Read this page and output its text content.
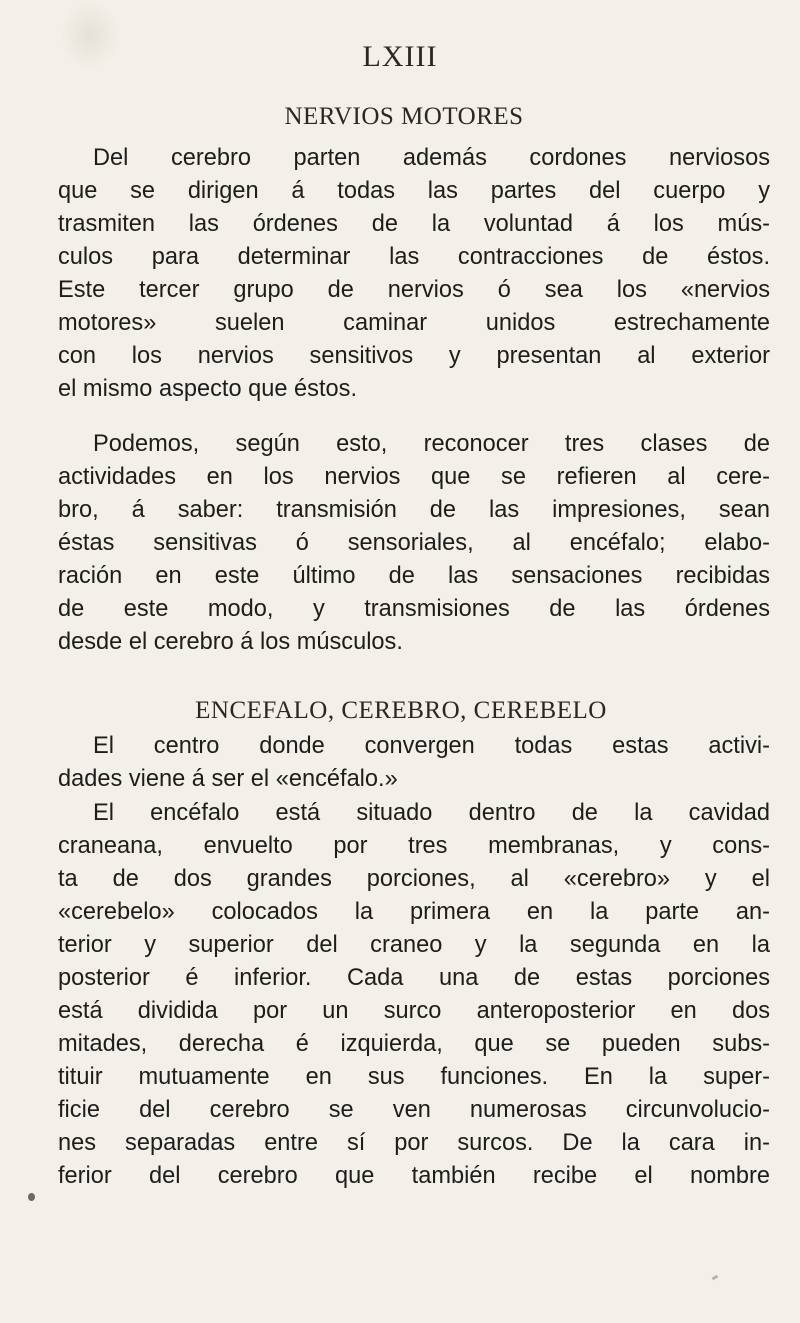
LXIII
NERVIOS MOTORES

Del cerebro parten además cordones nerviosos
que se dirigen á todas las partes del cuerpo y
trasmiten las órdenes de la voluntad á los mús-
culos para determinar las contracciones de éstos.
Este tercer grupo de nervios ó sea los «nervios
motores» suelen caminar unidos estrechamente
con los nervios sensitivos y presentan al exterior
el mismo aspecto que éstos.

Podemos, según esto, reconocer tres clases de
actividades en los nervios que se refieren al cere-
bro, á saber: transmisión de las impresiones, sean
éstas sensitivas ó sensoriales, al encéfalo; elabo-
ración en este último de las sensaciones recibidas
de este modo, y transmisiones de las órdenes
desde el cerebro á los músculos.

ENCEFALO, CEREBRO, CEREBELO

El centro donde convergen todas estas activi-
dades viene á ser el «encéfalo.»

El encéfalo está situado dentro de la cavidad
craneana, envuelto por tres membranas, y cons-
ta de dos grandes porciones, al «cerebro» y el
«cerebelo» colocados la primera en la parte an-
terior y superior del craneo y la segunda en la
posterior é inferior. Cada una de estas porciones
está dividida por un surco anteroposterior en dos
mitades, derecha é izquierda, que se pueden subs-
tituir mutuamente en sus funciones. En la super-
ficie del cerebro se ven numerosas circunvolucio-
nes separadas entre sí por surcos. De la cara in-
ferior del cerebro que también recibe el nombre
